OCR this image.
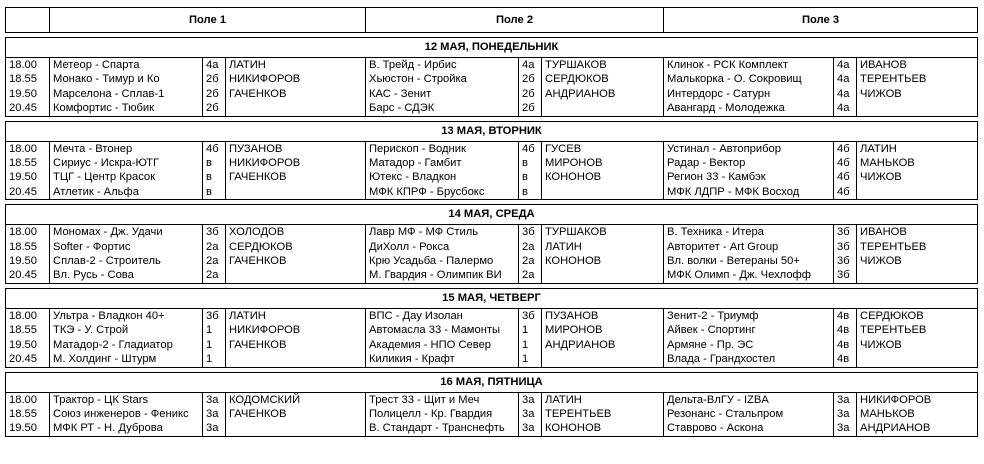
	Поле 1			Поле 2			Поле 3		

12 МАЯ, ПОНЕДЕЛЬНИК									
18.00	Метеор - Спарта	4а	ЛАТИН	В. Трейд - Ирбис	4а	ТУРШАКОВ	Клинок - РСК Комплект	4а	ИВАНОВ
18.55	Монако - Тимур и Ко	2б	НИКИФОРОВ	Хьюстон - Стройка	2б	СЕРДЮКОВ	Малькорка - О. Сокровищ	4а	ТЕРЕНТЬЕВ
19.50	Марселона - Сплав-1	2б	ГАЧЕНКОВ	КАС - Зенит	2б	АНДРИАНОВ	Интердорс - Сатурн	4а	ЧИЖОВ
20.45	Комфортис - Тюбик	2б		Барс - СДЭК	2б		Авангард - Молодежка	4а	

13 МАЯ, ВТОРНИК									
18.00	Мечта - Втонер	4б	ПУЗАНОВ	Перископ - Водник	4б	ГУСЕВ	Устинал - Автоприбор	4б	ЛАТИН
18.55	Сириус - Искра-ЮТГ	в	НИКИФОРОВ	Матадор - Гамбит	в	МИРОНОВ	Радар - Вектор	4б	МАНЬКОВ
19.50	ТЦГ - Центр Красок	в	ГАЧЕНКОВ	Ютекс - Владкон	в	КОНОНОВ	Регион 33 - Камбэк	4б	ЧИЖОВ
20.45	Атлетик - Альфа	в		МФК КПРФ - Брусбокс	в		МФК ЛДПР - МФК Восход	4б	

14 МАЯ, СРЕДА									
18.00	Мономах - Дж. Удачи	3б	ХОЛОДОВ	Лавр МФ - МФ Стиль	3б	ТУРШАКОВ	В. Техника - Итера	3б	ИВАНОВ
18.55	Softer - Фортис	2а	СЕРДЮКОВ	ДиХолл - Рокса	2а	ЛАТИН	Авторитет - Art Group	3б	ТЕРЕНТЬЕВ
19.50	Сплав-2 - Строитель	2а	ГАЧЕНКОВ	Крю Усадьба - Палермо	2а	КОНОНОВ	Вл. волки - Ветераны 50+	3б	ЧИЖОВ
20.45	Вл. Русь - Сова	2а		М. Гвардия - Олимпик ВИ	2а		МФК Олимп - Дж. Чехлофф	3б	

15 МАЯ, ЧЕТВЕРГ									
18.00	Ультра - Владкон 40+	3б	ЛАТИН	ВПС - Дау Изолан	3б	ПУЗАНОВ	Зенит-2 - Триумф	4в	СЕРДЮКОВ
18.55	ТКЭ - У. Строй	1	НИКИФОРОВ	Автомасла 33 - Мамонты	1	МИРОНОВ	Айвек - Спортинг	4в	ТЕРЕНТЬЕВ
19.50	Матадор-2 - Гладиатор	1	ГАЧЕНКОВ	Академия - НПО Север	1	АНДРИАНОВ	Армяне - Пр. ЭС	4в	ЧИЖОВ
20.45	М. Холдинг - Штурм	1		Киликия - Крафт	1		Влада - Грандхостел	4в	

16 МАЯ, ПЯТНИЦА									
18.00	Трактор - ЦК Stars	3а	КОДОМСКИЙ	Трест 33 - Щит и Меч	3а	ЛАТИН	Дельта-ВлГУ - IZBA	3а	НИКИФОРОВ
18.55	Союз инженеров - Феникс	3а	ГАЧЕНКОВ	Полицелл - Кр. Гвардия	3а	ТЕРЕНТЬЕВ	Резонанс - Стальпром	3а	МАНЬКОВ
19.50	МФК РТ - Н. Дуброва	3а		В. Стандарт - Транснефть	3а	КОНОНОВ	Ставрово - Аскона	3а	АНДРИАНОВ
